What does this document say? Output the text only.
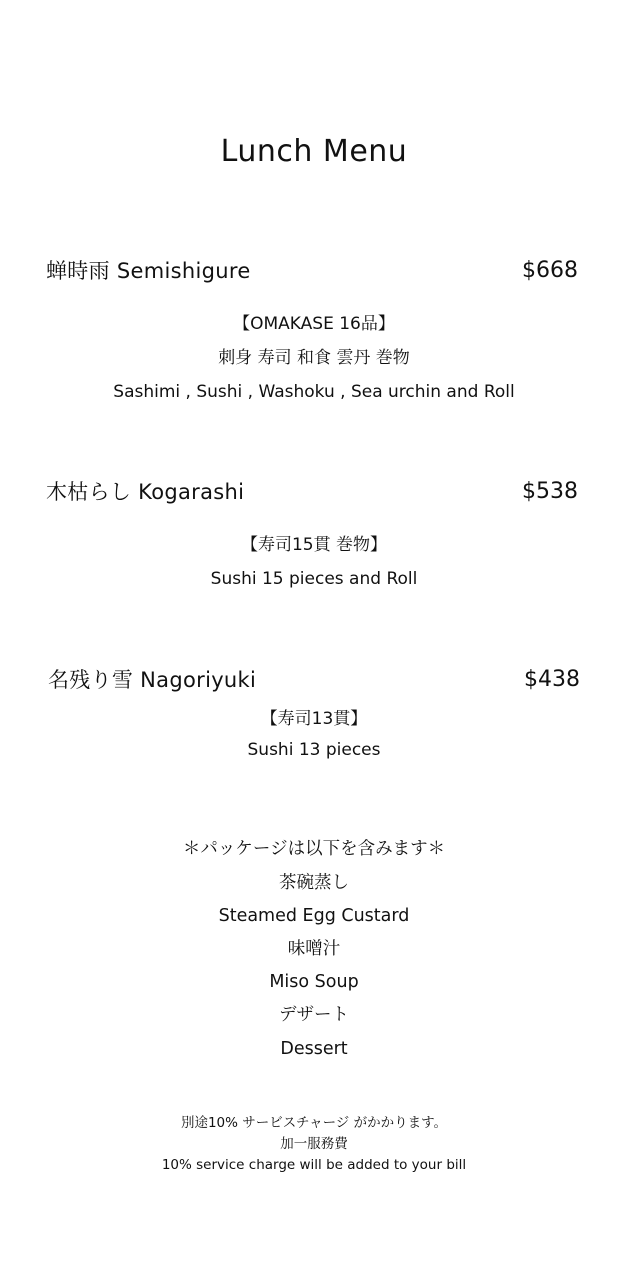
Lunch Menu
蝉時雨 Semishigure	$668
【OMAKASE 16品】
刺身 寿司 和食 雲丹 巻物
Sashimi , Sushi , Washoku , Sea urchin and Roll
木枯らし Kogarashi	$538
【寿司15貫 巻物】
Sushi 15 pieces and Roll
名残り雪 Nagoriyuki	$438
【寿司13貫】
Sushi 13 pieces
＊パッケージは以下を含みます＊
茶碗蒸し
Steamed Egg Custard
味噌汁
Miso Soup
デザート
Dessert
別途10% サービスチャージ がかかります。
加一服務費
10% service charge will be added to your bill
